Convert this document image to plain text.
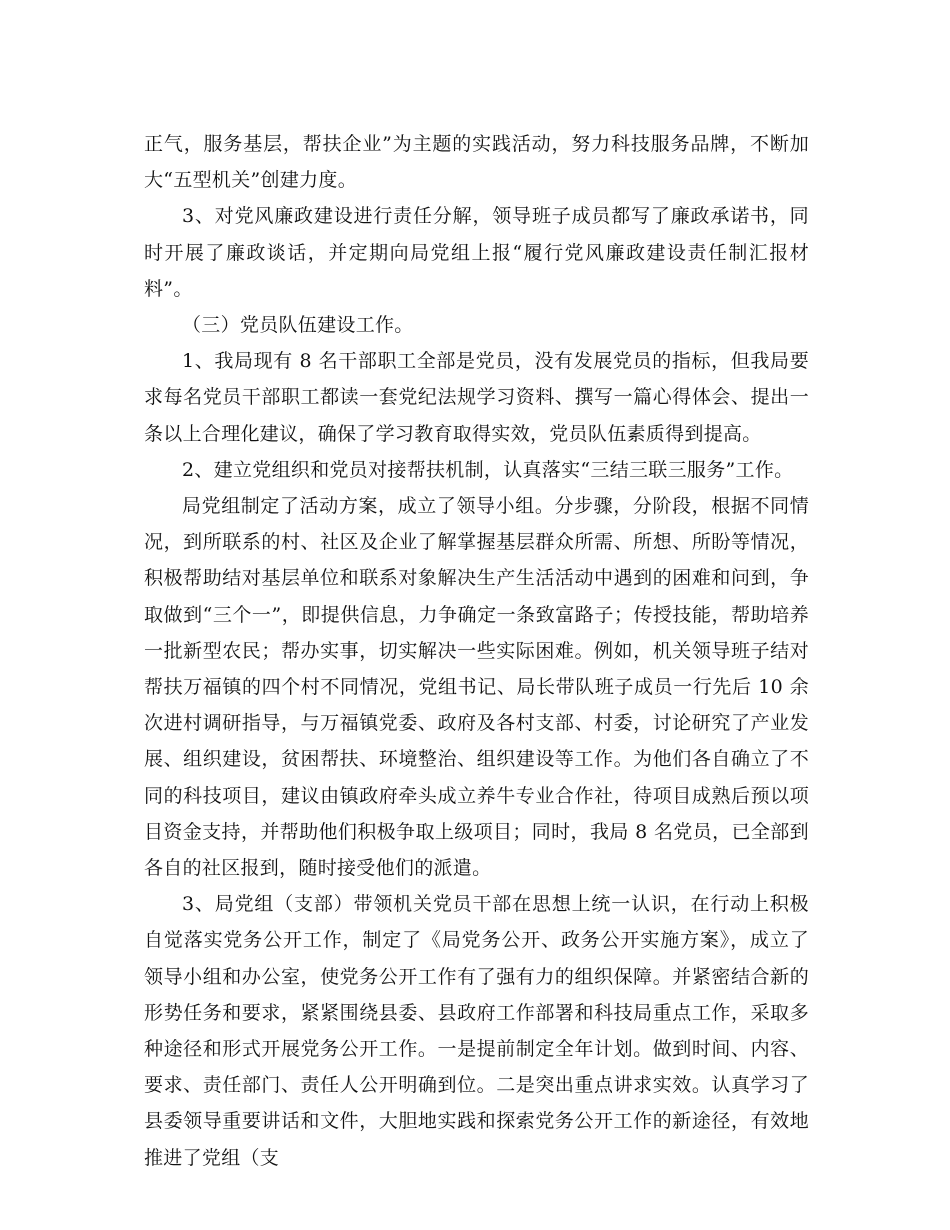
正气，服务基层，帮扶企业”为主题的实践活动，努力科技服务品牌，不断加大“五型机关”创建力度。

3、对党风廉政建设进行责任分解，领导班子成员都写了廉政承诺书，同时开展了廉政谈话，并定期向局党组上报“履行党风廉政建设责任制汇报材料”。

（三）党员队伍建设工作。

1、我局现有 8 名干部职工全部是党员，没有发展党员的指标，但我局要求每名党员干部职工都读一套党纪法规学习资料、撰写一篇心得体会、提出一条以上合理化建议，确保了学习教育取得实效，党员队伍素质得到提高。

2、建立党组织和党员对接帮扶机制，认真落实“三结三联三服务”工作。

局党组制定了活动方案，成立了领导小组。分步骤，分阶段，根据不同情况，到所联系的村、社区及企业了解掌握基层群众所需、所想、所盼等情况，积极帮助结对基层单位和联系对象解决生产生活活动中遇到的困难和问到，争取做到“三个一”，即提供信息，力争确定一条致富路子；传授技能，帮助培养一批新型农民；帮办实事，切实解决一些实际困难。例如，机关领导班子结对帮扶万福镇的四个村不同情况，党组书记、局长带队班子成员一行先后 10 余次进村调研指导，与万福镇党委、政府及各村支部、村委，讨论研究了产业发展、组织建设，贫困帮扶、环境整治、组织建设等工作。为他们各自确立了不同的科技项目，建议由镇政府牵头成立养牛专业合作社，待项目成熟后预以项目资金支持，并帮助他们积极争取上级项目；同时，我局 8 名党员，已全部到各自的社区报到，随时接受他们的派遣。

3、局党组（支部）带领机关党员干部在思想上统一认识，在行动上积极自觉落实党务公开工作，制定了《局党务公开、政务公开实施方案》，成立了领导小组和办公室，使党务公开工作有了强有力的组织保障。并紧密结合新的形势任务和要求，紧紧围绕县委、县政府工作部署和科技局重点工作，采取多种途径和形式开展党务公开工作。一是提前制定全年计划。做到时间、内容、要求、责任部门、责任人公开明确到位。二是突出重点讲求实效。认真学习了县委领导重要讲话和文件，大胆地实践和探索党务公开工作的新途径，有效地推进了党组（支
